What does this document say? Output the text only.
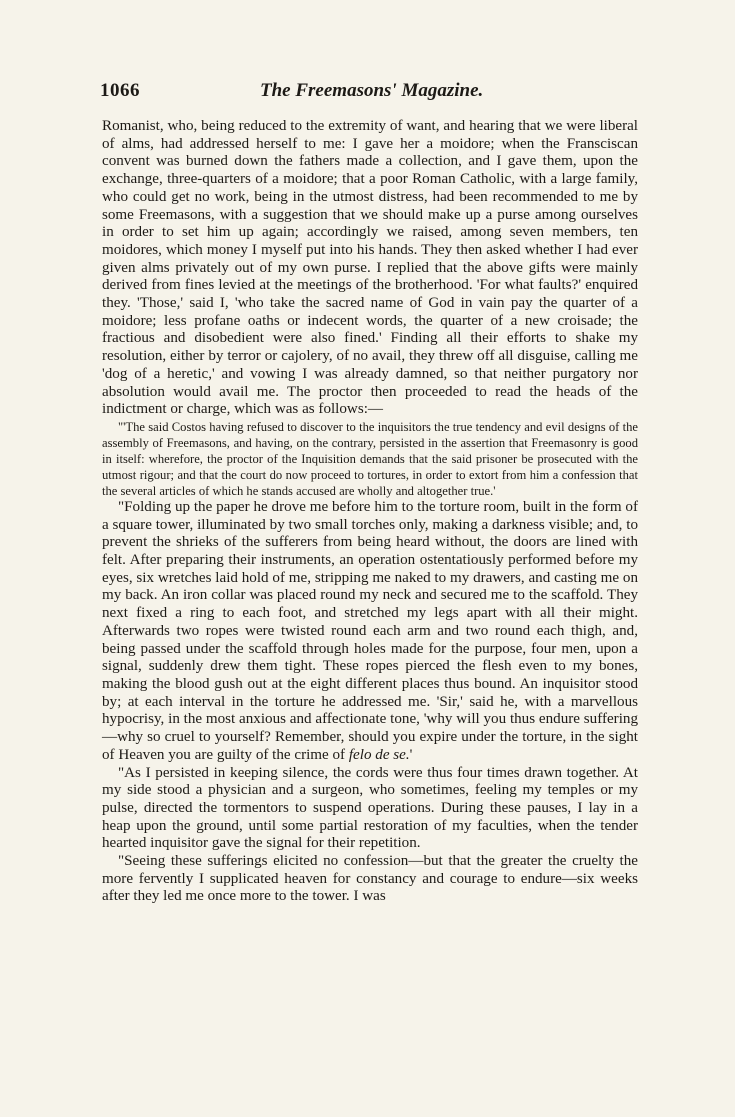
1066	The Freemasons' Magazine.

Romanist, who, being reduced to the extremity of want, and hearing that we were liberal of alms, had addressed herself to me: I gave her a moidore; when the Fransciscan convent was burned down the fathers made a collection, and I gave them, upon the exchange, three-quarters of a moidore; that a poor Roman Catholic, with a large family, who could get no work, being in the utmost distress, had been recommended to me by some Freemasons, with a suggestion that we should make up a purse among ourselves in order to set him up again; accordingly we raised, among seven members, ten moidores, which money I myself put into his hands. They then asked whether I had ever given alms privately out of my own purse. I replied that the above gifts were mainly derived from fines levied at the meetings of the brotherhood. 'For what faults?' enquired they. 'Those,' said I, 'who take the sacred name of God in vain pay the quarter of a moidore; less profane oaths or indecent words, the quarter of a new croisade; the fractious and disobedient were also fined.' Finding all their efforts to shake my resolution, either by terror or cajolery, of no avail, they threw off all disguise, calling me 'dog of a heretic,' and vowing I was already damned, so that neither purgatory nor absolution would avail me. The proctor then proceeded to read the heads of the indictment or charge, which was as follows:—

"'The said Costos having refused to discover to the inquisitors the true tendency and evil designs of the assembly of Freemasons, and having, on the contrary, persisted in the assertion that Freemasonry is good in itself: wherefore, the proctor of the Inquisition demands that the said prisoner be prosecuted with the utmost rigour; and that the court do now proceed to tortures, in order to extort from him a confession that the several articles of which he stands accused are wholly and altogether true.'

"Folding up the paper he drove me before him to the torture room, built in the form of a square tower, illuminated by two small torches only, making a darkness visible; and, to prevent the shrieks of the sufferers from being heard without, the doors are lined with felt. After preparing their instruments, an operation ostentatiously performed before my eyes, six wretches laid hold of me, stripping me naked to my drawers, and casting me on my back. An iron collar was placed round my neck and secured me to the scaffold. They next fixed a ring to each foot, and stretched my legs apart with all their might. Afterwards two ropes were twisted round each arm and two round each thigh, and, being passed under the scaffold through holes made for the purpose, four men, upon a signal, suddenly drew them tight. These ropes pierced the flesh even to my bones, making the blood gush out at the eight different places thus bound. An inquisitor stood by; at each interval in the torture he addressed me. 'Sir,' said he, with a marvellous hypocrisy, in the most anxious and affectionate tone, 'why will you thus endure suffering—why so cruel to yourself? Remember, should you expire under the torture, in the sight of Heaven you are guilty of the crime of felo de se.'

"As I persisted in keeping silence, the cords were thus four times drawn together. At my side stood a physician and a surgeon, who sometimes, feeling my temples or my pulse, directed the tormentors to suspend operations. During these pauses, I lay in a heap upon the ground, until some partial restoration of my faculties, when the tender hearted inquisitor gave the signal for their repetition.

"Seeing these sufferings elicited no confession—but that the greater the cruelty the more fervently I supplicated heaven for constancy and courage to endure—six weeks after they led me once more to the tower. I was
